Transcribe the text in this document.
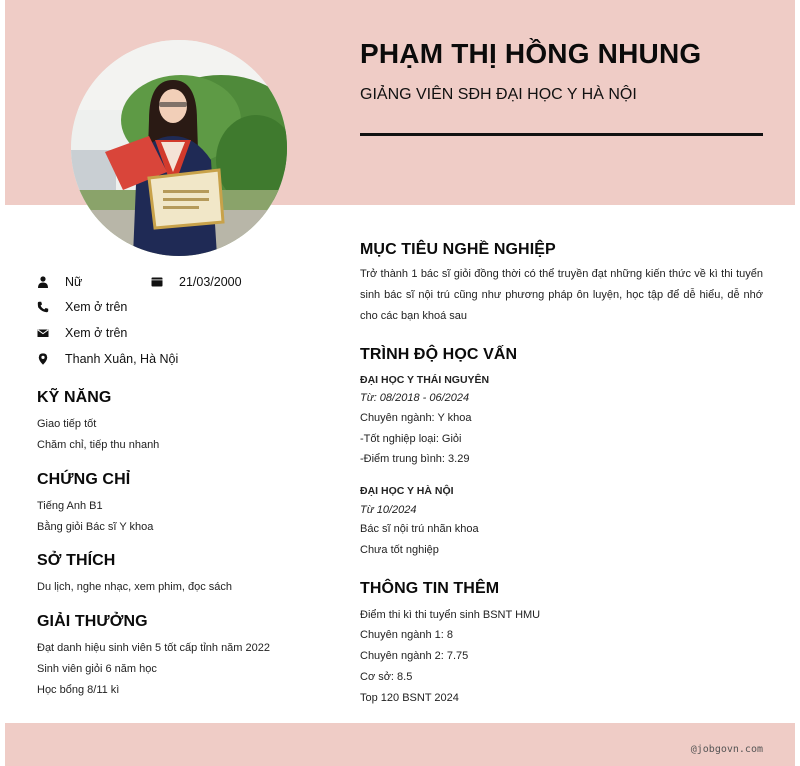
PHẠM THỊ HỒNG NHUNG
GIẢNG VIÊN SĐH ĐẠI HỌC Y HÀ NỘI
Nữ	21/03/2000
Xem ở trên
Xem ở trên
Thanh Xuân, Hà Nội
KỸ NĂNG
Giao tiếp tốt
Chăm chỉ, tiếp thu nhanh
CHỨNG CHỈ
Tiếng Anh B1
Bằng giỏi Bác sĩ Y khoa
SỞ THÍCH
Du lịch, nghe nhạc, xem phim, đọc sách
GIẢI THƯỞNG
Đạt danh hiệu sinh viên 5 tốt cấp tỉnh năm 2022
Sinh viên giỏi 6 năm học
Học bổng 8/11 kì
MỤC TIÊU NGHỀ NGHIỆP
Trở thành 1 bác sĩ giỏi đồng thời có thể truyền đạt những kiến thức về kì thi tuyển sinh bác sĩ nội trú cũng như phương pháp ôn luyện, học tập để dễ hiểu, dễ nhớ cho các bạn khoá sau
TRÌNH ĐỘ HỌC VẤN
ĐẠI HỌC Y THÁI NGUYÊN
Từ: 08/2018 - 06/2024
Chuyên ngành: Y khoa
-Tốt nghiệp loại: Giỏi
-Điểm trung bình: 3.29
ĐẠI HỌC Y HÀ NỘI
Từ 10/2024
Bác sĩ nội trú nhãn khoa
Chưa tốt nghiệp
THÔNG TIN THÊM
Điểm thi kì thi tuyển sinh BSNT HMU
Chuyên ngành 1: 8
Chuyên ngành 2: 7.75
Cơ sở: 8.5
Top 120 BSNT 2024
@jobgovn.com
